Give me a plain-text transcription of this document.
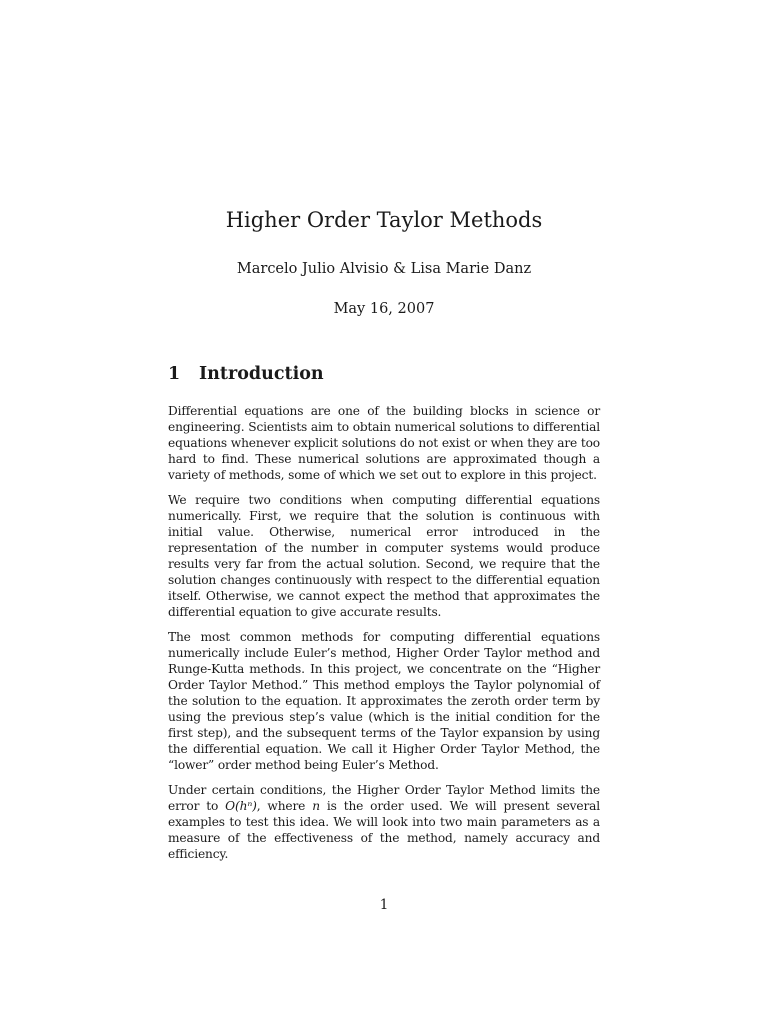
Higher Order Taylor Methods
Marcelo Julio Alvisio & Lisa Marie Danz
May 16, 2007
1 Introduction

Differential equations are one of the building blocks in science or engineering. Scientists aim to obtain numerical solutions to differential equations whenever explicit solutions do not exist or when they are too hard to find. These numerical solutions are approximated though a variety of methods, some of which we set out to explore in this project.

We require two conditions when computing differential equations numerically. First, we require that the solution is continuous with initial value. Otherwise, numerical error introduced in the representation of the number in computer systems would produce results very far from the actual solution. Second, we require that the solution changes continuously with respect to the differential equation itself. Otherwise, we cannot expect the method that approximates the differential equation to give accurate results.

The most common methods for computing differential equations numerically include Euler’s method, Higher Order Taylor method and Runge-Kutta methods. In this project, we concentrate on the “Higher Order Taylor Method.” This method employs the Taylor polynomial of the solution to the equation. It approximates the zeroth order term by using the previous step’s value (which is the initial condition for the first step), and the subsequent terms of the Taylor expansion by using the differential equation. We call it Higher Order Taylor Method, the “lower” order method being Euler’s Method.

Under certain conditions, the Higher Order Taylor Method limits the error to O(hⁿ), where n is the order used. We will present several examples to test this idea. We will look into two main parameters as a measure of the effectiveness of the method, namely accuracy and efficiency.

1
